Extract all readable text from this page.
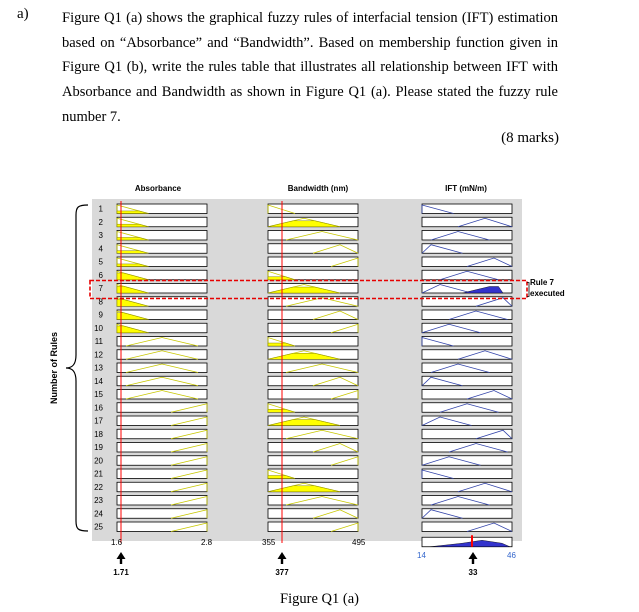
a) Figure Q1 (a) shows the graphical fuzzy rules of interfacial tension (IFT) estimation
based on “Absorbance” and “Bandwidth”. Based on membership function given in
Figure Q1 (b), write the rules table that illustrates all relationship between IFT with
Absorbance and Bandwidth as shown in Figure Q1 (a). Please stated the fuzzy rule
number 7.
(8 marks)
1
2
3
4
5
6
7
8
9
10
11
12
13
14
15
16
17
18
19
20
21
22
23
24
25
Absorbance	Bandwidth (nm)	IFT (mN/m)
Number of Rules
Rule 7
executed
1.6	2.8	355	495
14	46
1.71	377	33
Figure Q1 (a)
